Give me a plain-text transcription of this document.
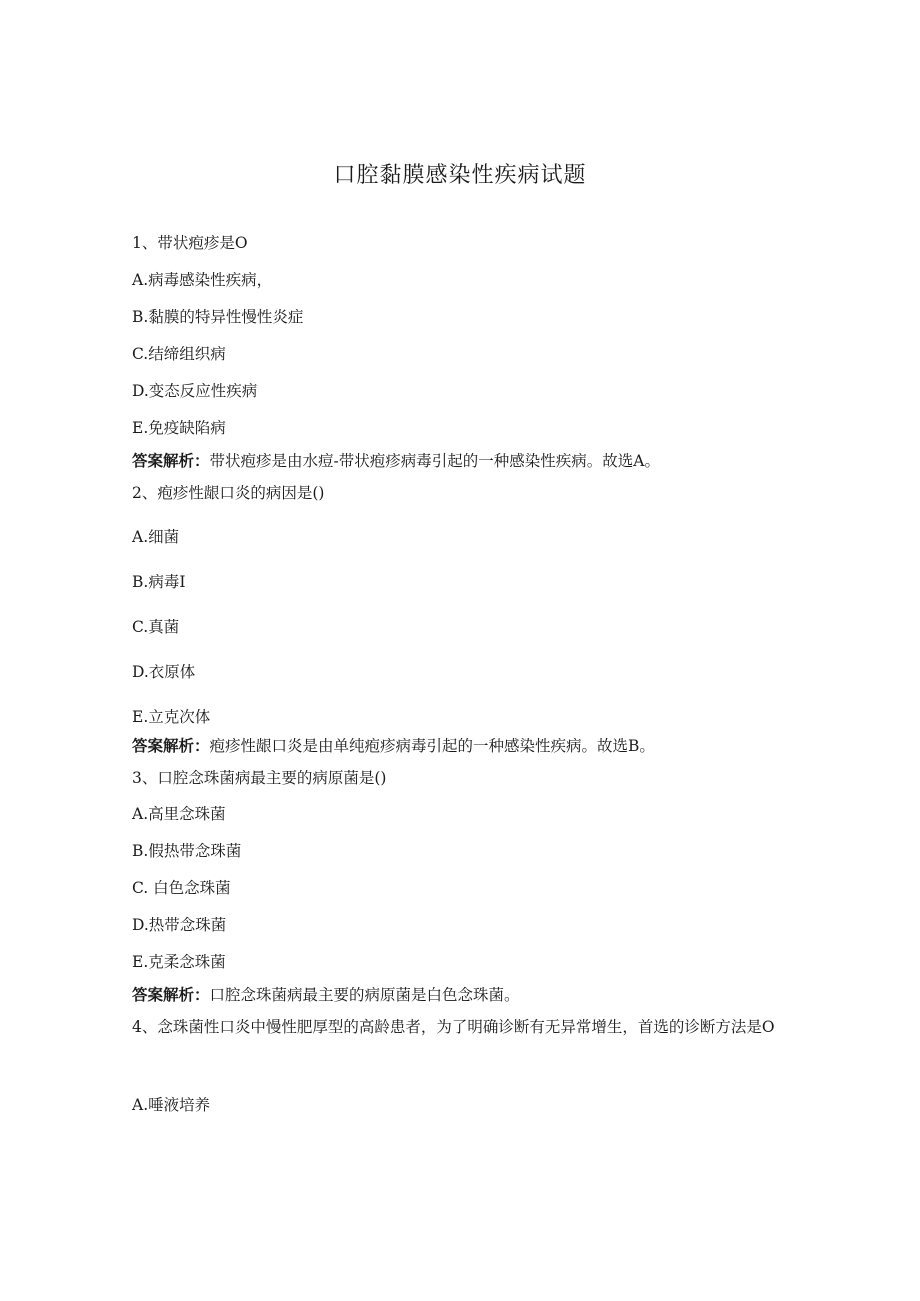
口腔黏膜感染性疾病试题
1、带状疱疹是O
A.病毒感染性疾病，
B.黏膜的特异性慢性炎症
C.结缔组织病
D.变态反应性疾病
E.免疫缺陷病
答案解析：带状疱疹是由水痘-带状疱疹病毒引起的一种感染性疾病。故选A。
2、疱疹性龈口炎的病因是()
A.细菌
B.病毒I
C.真菌
D.衣原体
E.立克次体
答案解析：疱疹性龈口炎是由单纯疱疹病毒引起的一种感染性疾病。故选B。
3、口腔念珠菌病最主要的病原菌是()
A.高里念珠菌
B.假热带念珠菌
C. 白色念珠菌
D.热带念珠菌
E.克柔念珠菌
答案解析：口腔念珠菌病最主要的病原菌是白色念珠菌。
4、念珠菌性口炎中慢性肥厚型的高龄患者，为了明确诊断有无异常增生，首选的诊断方法是O
A.唾液培养
